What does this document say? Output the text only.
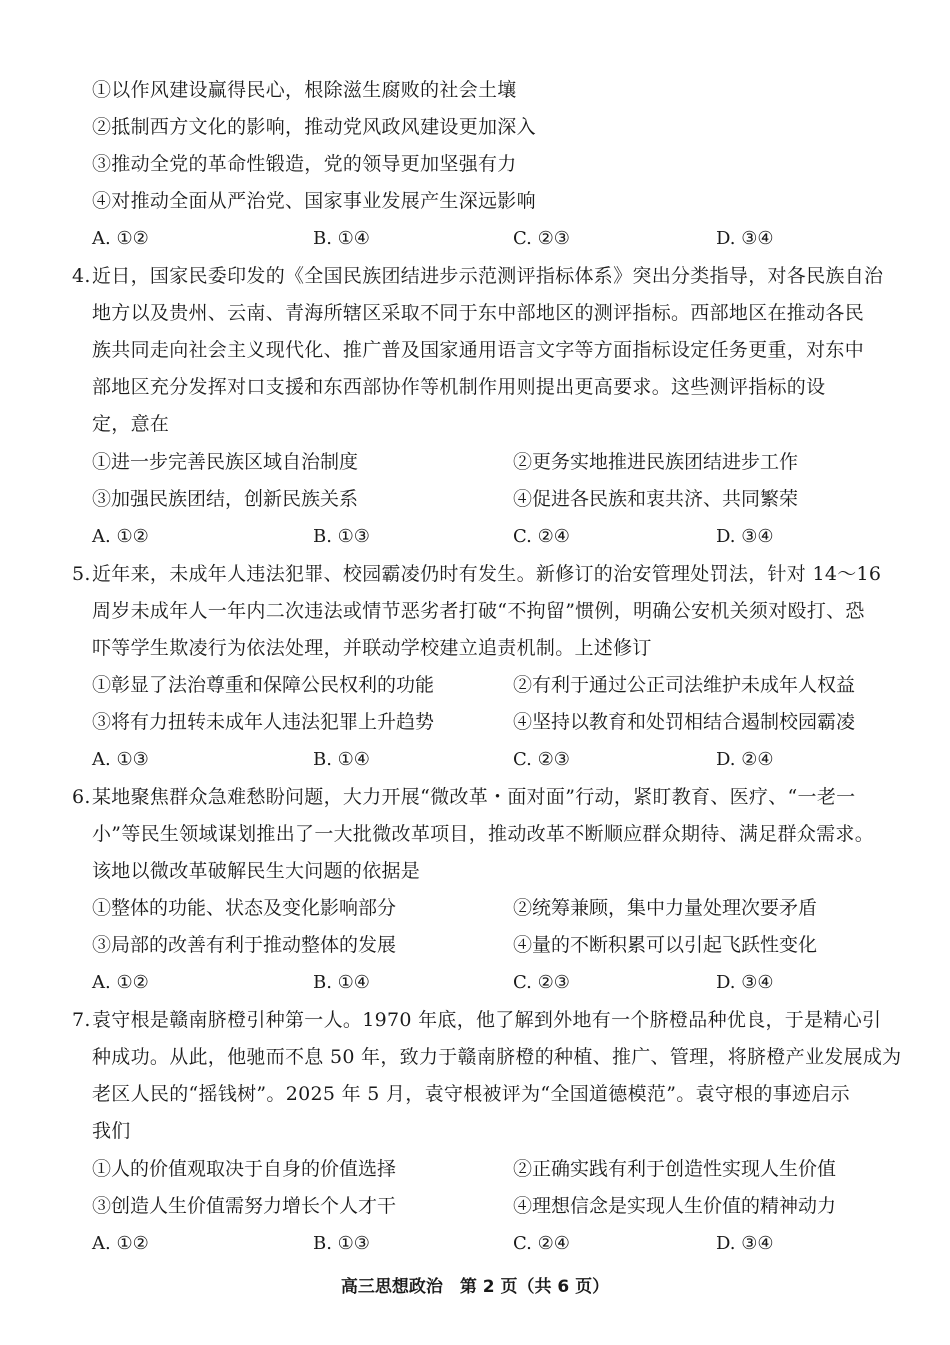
①以作风建设赢得民心，根除滋生腐败的社会土壤
②抵制西方文化的影响，推动党风政风建设更加深入
③推动全党的革命性锻造，党的领导更加坚强有力
④对推动全面从严治党、国家事业发展产生深远影响
A. ①②	B. ①④	C. ②③	D. ③④
4.近日，国家民委印发的《全国民族团结进步示范测评指标体系》突出分类指导，对各民族自治
地方以及贵州、云南、青海所辖区采取不同于东中部地区的测评指标。西部地区在推动各民
族共同走向社会主义现代化、推广普及国家通用语言文字等方面指标设定任务更重，对东中
部地区充分发挥对口支援和东西部协作等机制作用则提出更高要求。这些测评指标的设
定，意在
①进一步完善民族区域自治制度	②更务实地推进民族团结进步工作
③加强民族团结，创新民族关系	④促进各民族和衷共济、共同繁荣
A. ①②	B. ①③	C. ②④	D. ③④
5.近年来，未成年人违法犯罪、校园霸凌仍时有发生。新修订的治安管理处罚法，针对 14～16
周岁未成年人一年内二次违法或情节恶劣者打破“不拘留”惯例，明确公安机关须对殴打、恐
吓等学生欺凌行为依法处理，并联动学校建立追责机制。上述修订
①彰显了法治尊重和保障公民权利的功能	②有利于通过公正司法维护未成年人权益
③将有力扭转未成年人违法犯罪上升趋势	④坚持以教育和处罚相结合遏制校园霸凌
A. ①③	B. ①④	C. ②③	D. ②④
6.某地聚焦群众急难愁盼问题，大力开展“微改革・面对面”行动，紧盯教育、医疗、“一老一
小”等民生领域谋划推出了一大批微改革项目，推动改革不断顺应群众期待、满足群众需求。
该地以微改革破解民生大问题的依据是
①整体的功能、状态及变化影响部分	②统筹兼顾，集中力量处理次要矛盾
③局部的改善有利于推动整体的发展	④量的不断积累可以引起飞跃性变化
A. ①②	B. ①④	C. ②③	D. ③④
7.袁守根是赣南脐橙引种第一人。1970 年底，他了解到外地有一个脐橙品种优良，于是精心引
种成功。从此，他驰而不息 50 年，致力于赣南脐橙的种植、推广、管理，将脐橙产业发展成为
老区人民的“摇钱树”。2025 年 5 月，袁守根被评为“全国道德模范”。袁守根的事迹启示
我们
①人的价值观取决于自身的价值选择	②正确实践有利于创造性实现人生价值
③创造人生价值需努力增长个人才干	④理想信念是实现人生价值的精神动力
A. ①②	B. ①③	C. ②④	D. ③④
高三思想政治　第 2 页（共 6 页）
